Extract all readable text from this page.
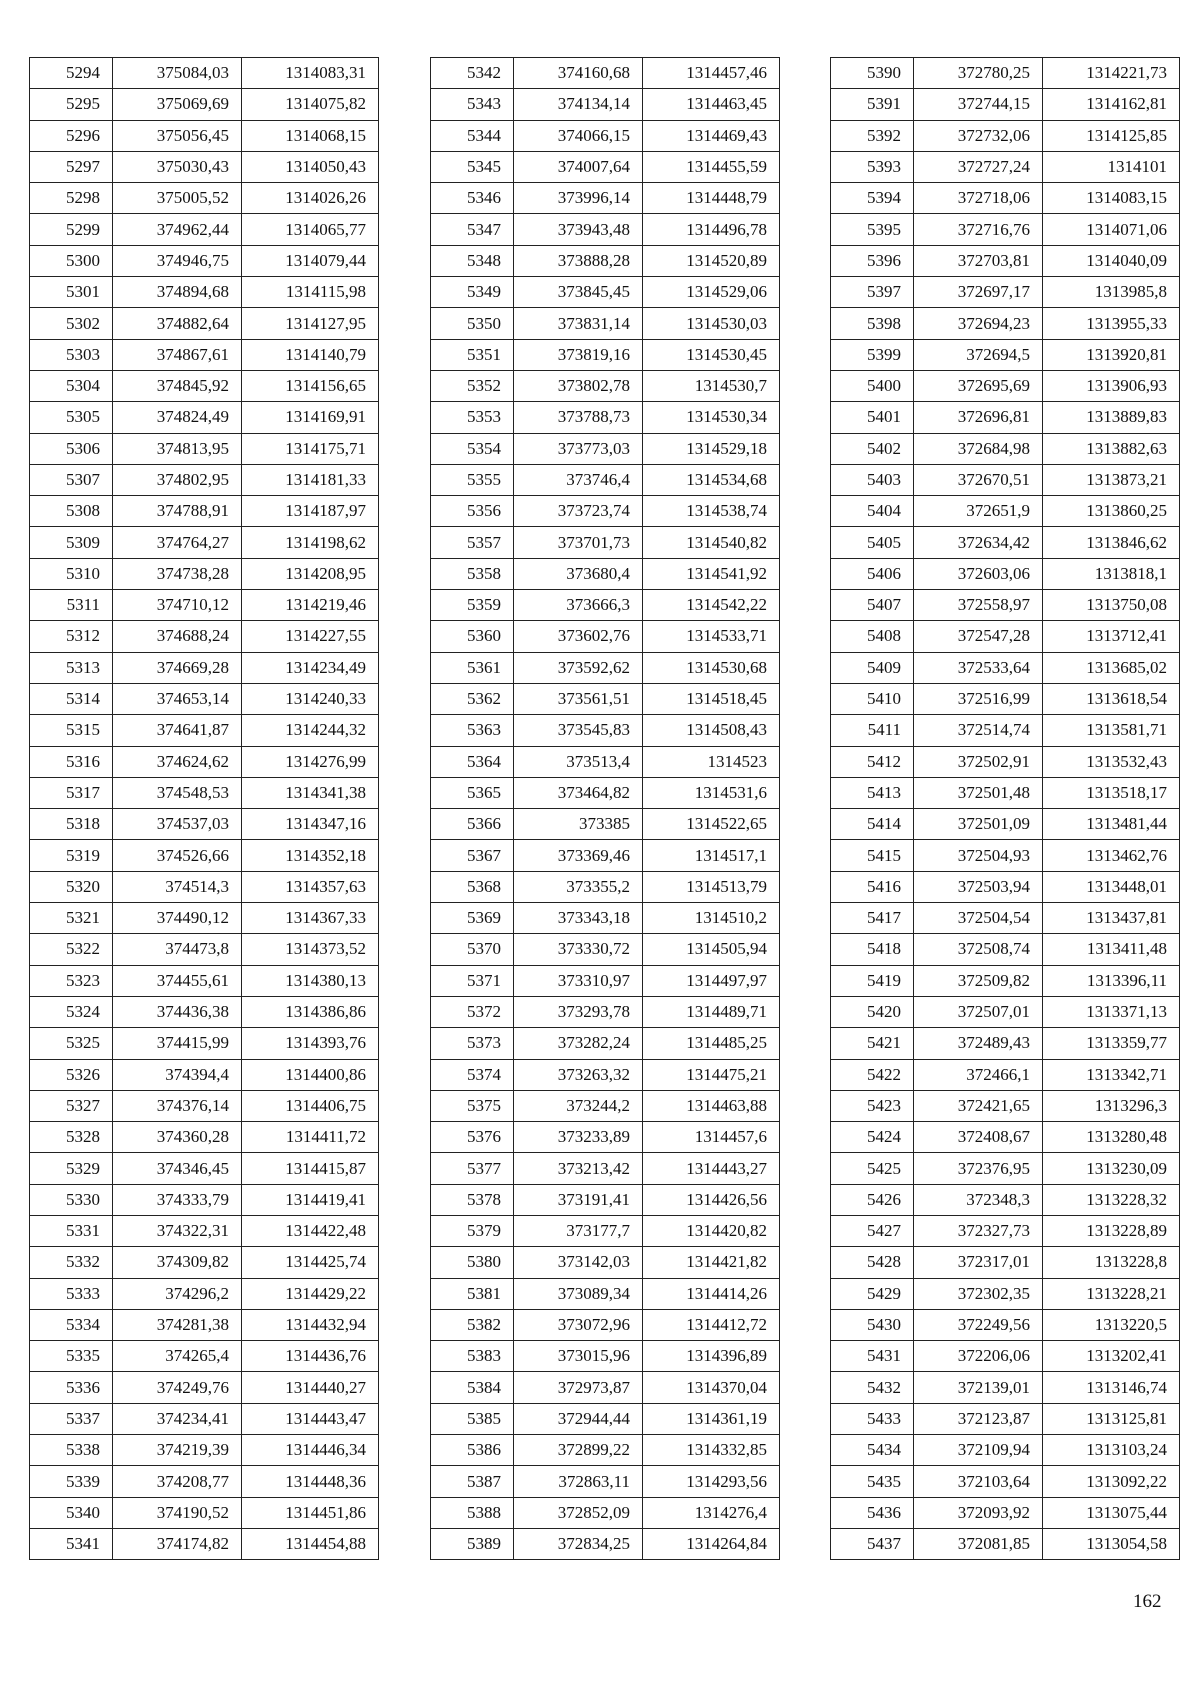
5294	375084,03	1314083,31
5295	375069,69	1314075,82
5296	375056,45	1314068,15
5297	375030,43	1314050,43
5298	375005,52	1314026,26
5299	374962,44	1314065,77
5300	374946,75	1314079,44
5301	374894,68	1314115,98
5302	374882,64	1314127,95
5303	374867,61	1314140,79
5304	374845,92	1314156,65
5305	374824,49	1314169,91
5306	374813,95	1314175,71
5307	374802,95	1314181,33
5308	374788,91	1314187,97
5309	374764,27	1314198,62
5310	374738,28	1314208,95
5311	374710,12	1314219,46
5312	374688,24	1314227,55
5313	374669,28	1314234,49
5314	374653,14	1314240,33
5315	374641,87	1314244,32
5316	374624,62	1314276,99
5317	374548,53	1314341,38
5318	374537,03	1314347,16
5319	374526,66	1314352,18
5320	374514,3	1314357,63
5321	374490,12	1314367,33
5322	374473,8	1314373,52
5323	374455,61	1314380,13
5324	374436,38	1314386,86
5325	374415,99	1314393,76
5326	374394,4	1314400,86
5327	374376,14	1314406,75
5328	374360,28	1314411,72
5329	374346,45	1314415,87
5330	374333,79	1314419,41
5331	374322,31	1314422,48
5332	374309,82	1314425,74
5333	374296,2	1314429,22
5334	374281,38	1314432,94
5335	374265,4	1314436,76
5336	374249,76	1314440,27
5337	374234,41	1314443,47
5338	374219,39	1314446,34
5339	374208,77	1314448,36
5340	374190,52	1314451,86
5341	374174,82	1314454,88
5342	374160,68	1314457,46
5343	374134,14	1314463,45
5344	374066,15	1314469,43
5345	374007,64	1314455,59
5346	373996,14	1314448,79
5347	373943,48	1314496,78
5348	373888,28	1314520,89
5349	373845,45	1314529,06
5350	373831,14	1314530,03
5351	373819,16	1314530,45
5352	373802,78	1314530,7
5353	373788,73	1314530,34
5354	373773,03	1314529,18
5355	373746,4	1314534,68
5356	373723,74	1314538,74
5357	373701,73	1314540,82
5358	373680,4	1314541,92
5359	373666,3	1314542,22
5360	373602,76	1314533,71
5361	373592,62	1314530,68
5362	373561,51	1314518,45
5363	373545,83	1314508,43
5364	373513,4	1314523
5365	373464,82	1314531,6
5366	373385	1314522,65
5367	373369,46	1314517,1
5368	373355,2	1314513,79
5369	373343,18	1314510,2
5370	373330,72	1314505,94
5371	373310,97	1314497,97
5372	373293,78	1314489,71
5373	373282,24	1314485,25
5374	373263,32	1314475,21
5375	373244,2	1314463,88
5376	373233,89	1314457,6
5377	373213,42	1314443,27
5378	373191,41	1314426,56
5379	373177,7	1314420,82
5380	373142,03	1314421,82
5381	373089,34	1314414,26
5382	373072,96	1314412,72
5383	373015,96	1314396,89
5384	372973,87	1314370,04
5385	372944,44	1314361,19
5386	372899,22	1314332,85
5387	372863,11	1314293,56
5388	372852,09	1314276,4
5389	372834,25	1314264,84
5390	372780,25	1314221,73
5391	372744,15	1314162,81
5392	372732,06	1314125,85
5393	372727,24	1314101
5394	372718,06	1314083,15
5395	372716,76	1314071,06
5396	372703,81	1314040,09
5397	372697,17	1313985,8
5398	372694,23	1313955,33
5399	372694,5	1313920,81
5400	372695,69	1313906,93
5401	372696,81	1313889,83
5402	372684,98	1313882,63
5403	372670,51	1313873,21
5404	372651,9	1313860,25
5405	372634,42	1313846,62
5406	372603,06	1313818,1
5407	372558,97	1313750,08
5408	372547,28	1313712,41
5409	372533,64	1313685,02
5410	372516,99	1313618,54
5411	372514,74	1313581,71
5412	372502,91	1313532,43
5413	372501,48	1313518,17
5414	372501,09	1313481,44
5415	372504,93	1313462,76
5416	372503,94	1313448,01
5417	372504,54	1313437,81
5418	372508,74	1313411,48
5419	372509,82	1313396,11
5420	372507,01	1313371,13
5421	372489,43	1313359,77
5422	372466,1	1313342,71
5423	372421,65	1313296,3
5424	372408,67	1313280,48
5425	372376,95	1313230,09
5426	372348,3	1313228,32
5427	372327,73	1313228,89
5428	372317,01	1313228,8
5429	372302,35	1313228,21
5430	372249,56	1313220,5
5431	372206,06	1313202,41
5432	372139,01	1313146,74
5433	372123,87	1313125,81
5434	372109,94	1313103,24
5435	372103,64	1313092,22
5436	372093,92	1313075,44
5437	372081,85	1313054,58
162
